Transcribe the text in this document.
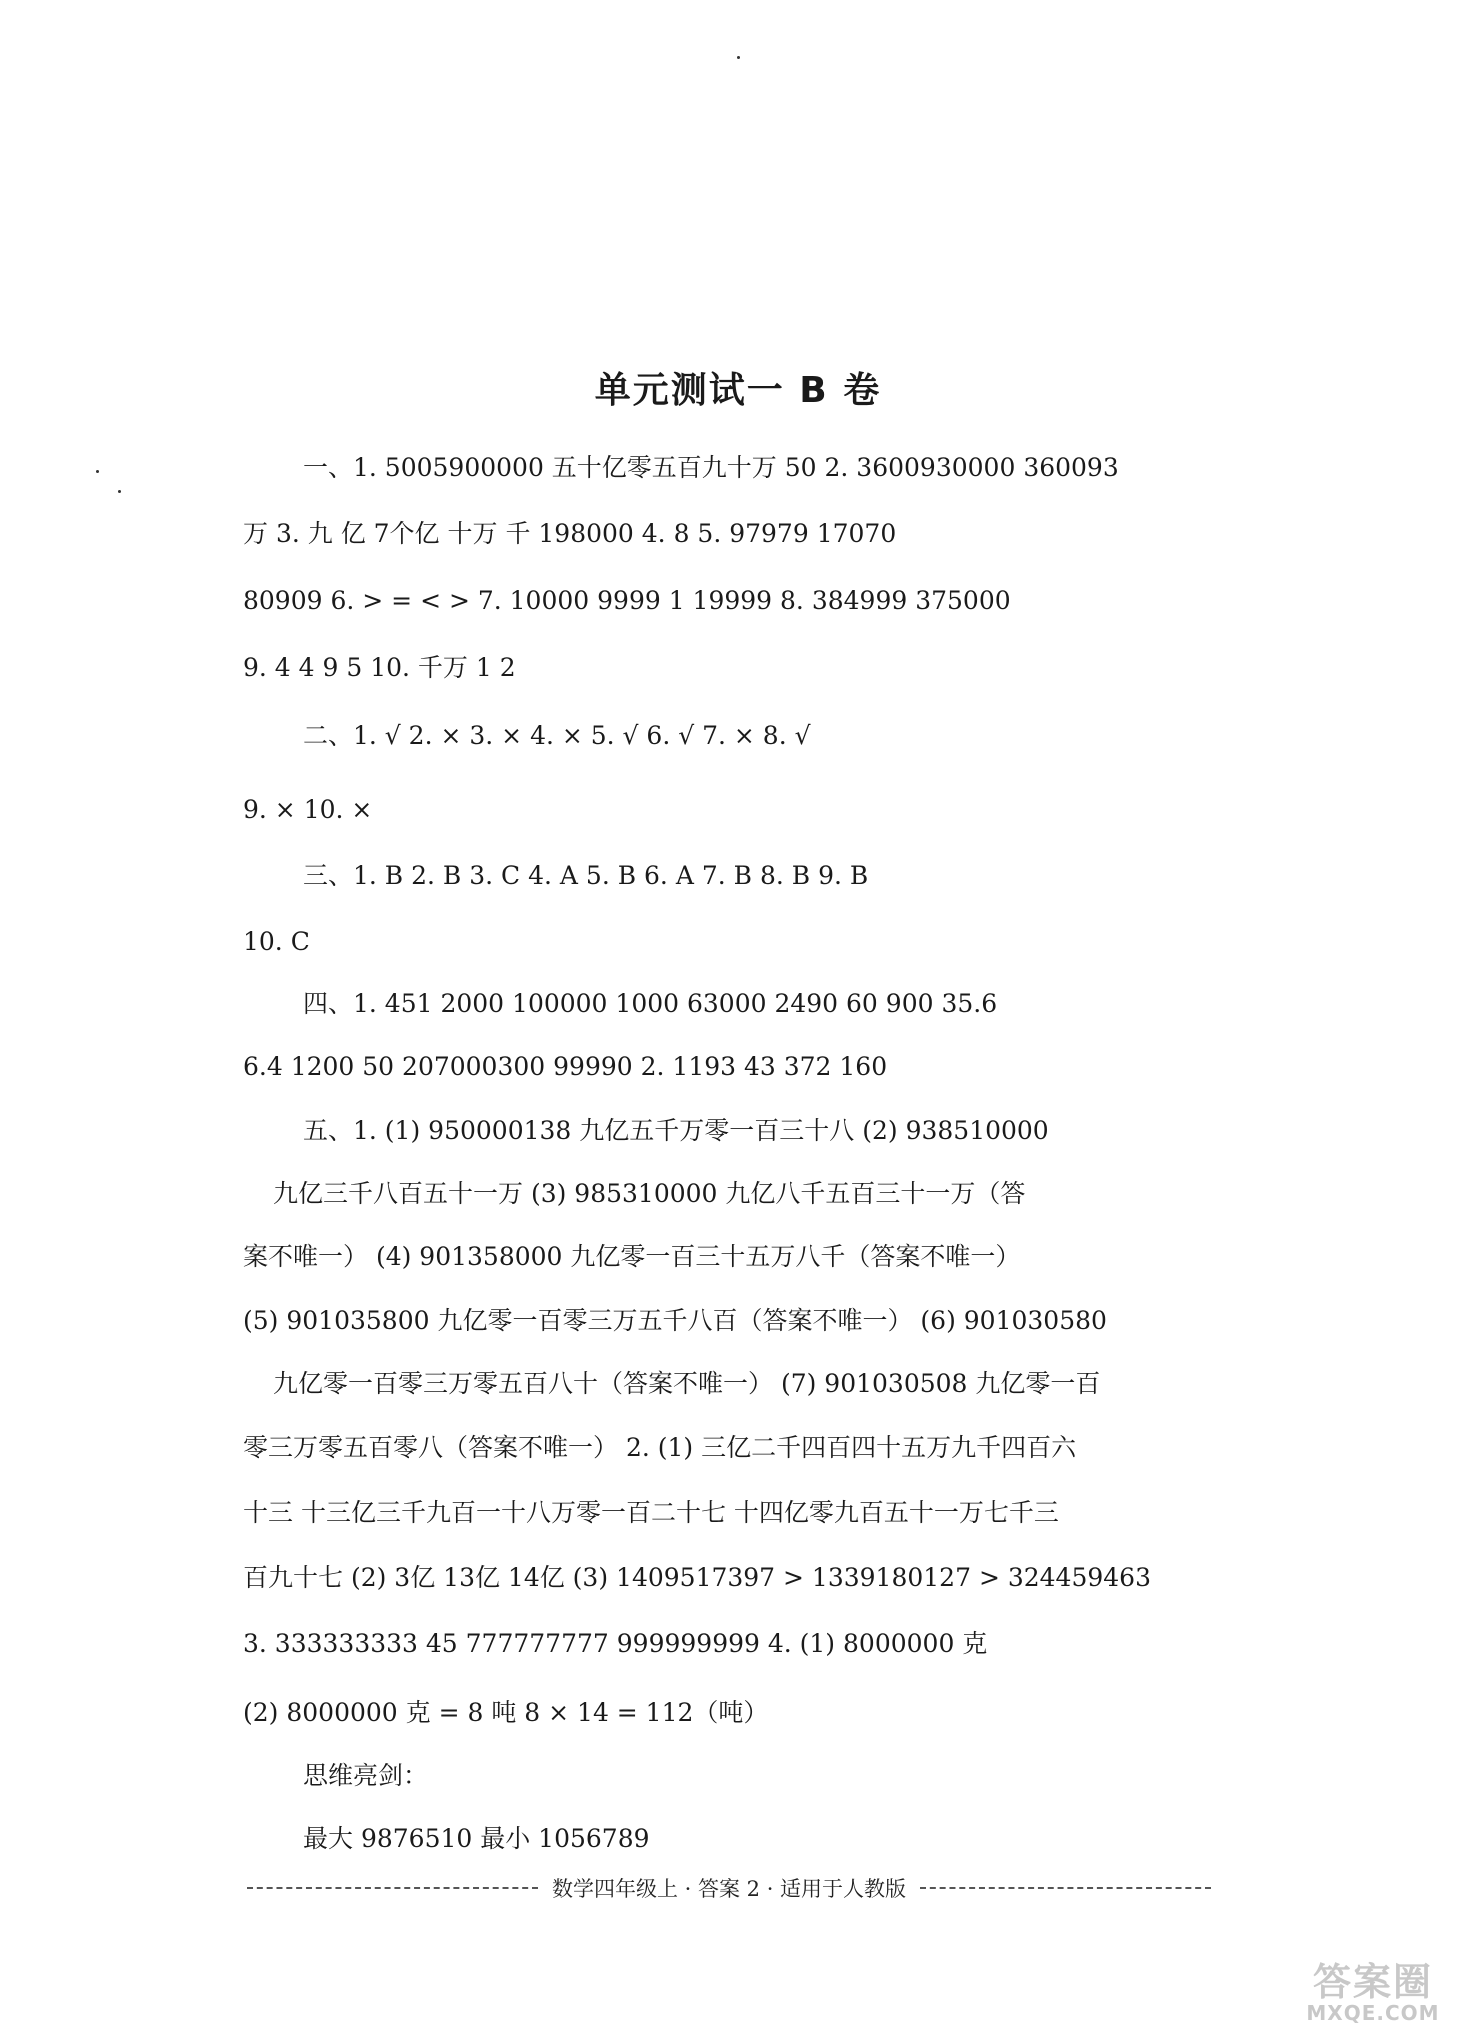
单元测试一 B 卷
一、1. 5005900000 五十亿零五百九十万 50 2. 3600930000 360093
万 3. 九 亿 7个亿 十万 千 198000 4. 8 5. 97979 17070
80909 6. > = < > 7. 10000 9999 1 19999 8. 384999 375000
9. 4 4 9 5 10. 千万 1 2
二、1. √ 2. × 3. × 4. × 5. √ 6. √ 7. × 8. √
9. × 10. ×
三、1. B 2. B 3. C 4. A 5. B 6. A 7. B 8. B 9. B
10. C
四、1. 451 2000 100000 1000 63000 2490 60 900 35.6
6.4 1200 50 207000300 99990 2. 1193 43 372 160
五、1. (1) 950000138 九亿五千万零一百三十八 (2) 938510000
九亿三千八百五十一万 (3) 985310000 九亿八千五百三十一万（答
案不唯一） (4) 901358000 九亿零一百三十五万八千（答案不唯一）
(5) 901035800 九亿零一百零三万五千八百（答案不唯一） (6) 901030580
九亿零一百零三万零五百八十（答案不唯一） (7) 901030508 九亿零一百
零三万零五百零八（答案不唯一） 2. (1) 三亿二千四百四十五万九千四百六
十三 十三亿三千九百一十八万零一百二十七 十四亿零九百五十一万七千三
百九十七 (2) 3亿 13亿 14亿 (3) 1409517397 > 1339180127 > 324459463
3. 333333333 45 777777777 999999999 4. (1) 8000000 克
(2) 8000000 克 = 8 吨 8 × 14 = 112（吨）
思维亮剑：
最大 9876510 最小 1056789
数学四年级上 · 答案 2 · 适用于人教版
答案圈
MXQE.COM
